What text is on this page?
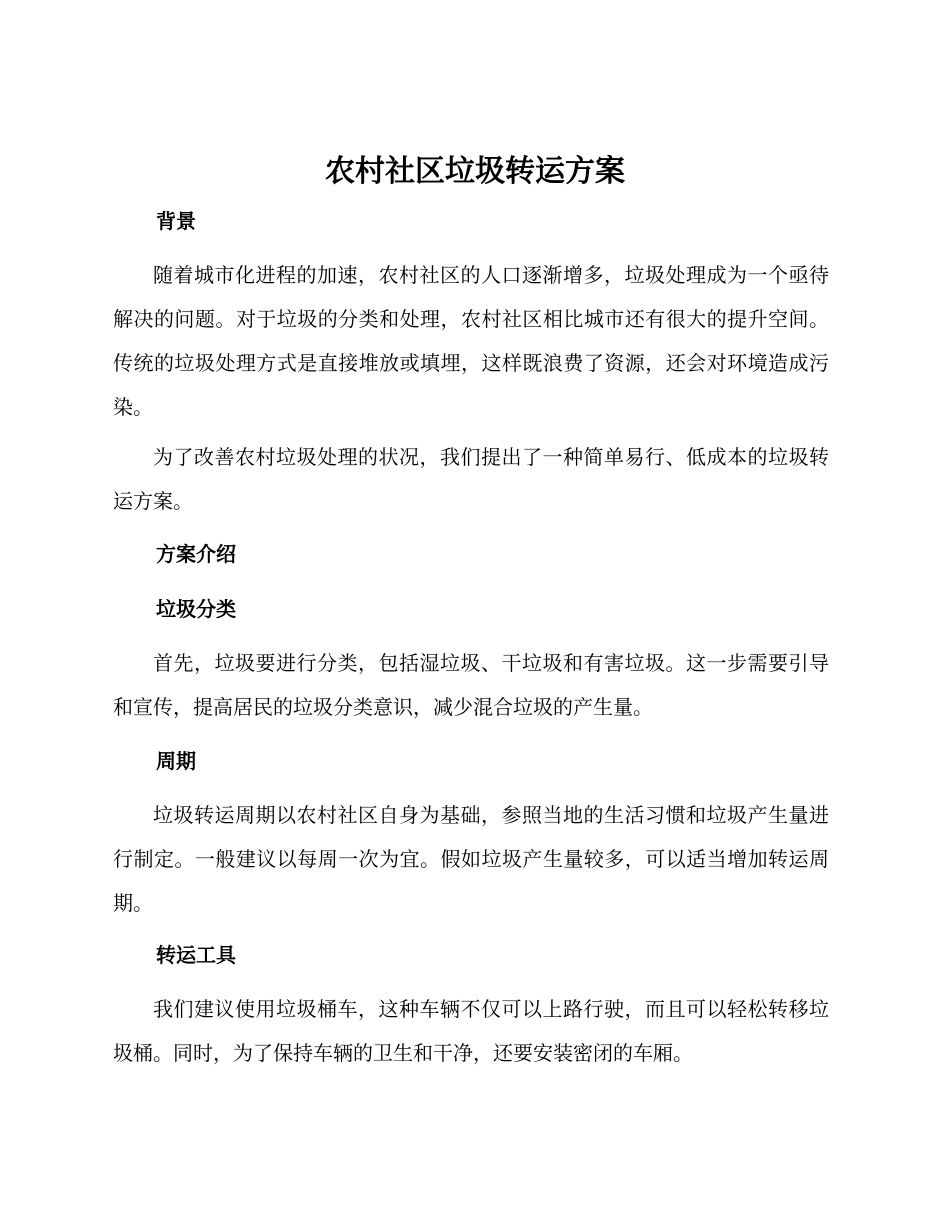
农村社区垃圾转运方案
背景

随着城市化进程的加速，农村社区的人口逐渐增多，垃圾处理成为一个亟待解决的问题。对于垃圾的分类和处理，农村社区相比城市还有很大的提升空间。传统的垃圾处理方式是直接堆放或填埋，这样既浪费了资源，还会对环境造成污染。

为了改善农村垃圾处理的状况，我们提出了一种简单易行、低成本的垃圾转运方案。

方案介绍
垃圾分类

首先，垃圾要进行分类，包括湿垃圾、干垃圾和有害垃圾。这一步需要引导和宣传，提高居民的垃圾分类意识，减少混合垃圾的产生量。

周期

垃圾转运周期以农村社区自身为基础，参照当地的生活习惯和垃圾产生量进行制定。一般建议以每周一次为宜。假如垃圾产生量较多，可以适当增加转运周期。

转运工具

我们建议使用垃圾桶车，这种车辆不仅可以上路行驶，而且可以轻松转移垃圾桶。同时，为了保持车辆的卫生和干净，还要安装密闭的车厢。
